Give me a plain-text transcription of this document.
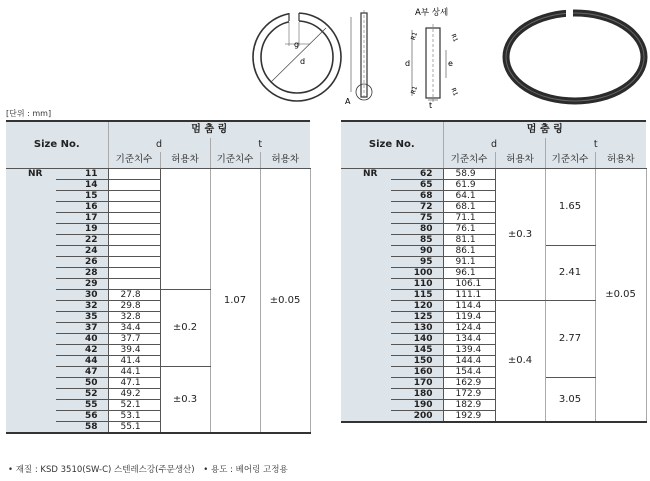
g
d
A
A부 상세
d	e
t
R1	R1
R1	R1
[단위 : mm]
Size No.		멈 춤 링			
		d		t	
		기준치수	허용차	기준치수	허용차
NR	11			1.07	±0.05
	14				
	15				
	16				
	17				
	19				
	22				
	24				
	26				
	28				
	29				
	30	27.8	±0.2		
	32	29.8			
	35	32.8			
	37	34.4			
	40	37.7			
	42	39.4			
	44	41.4			
	47	44.1	±0.3		
	50	47.1			
	52	49.2			
	55	52.1			
	56	53.1			
	58	55.1			
Size No.		멈 춤 링			
		d		t	
		기준치수	허용차	기준치수	허용차
NR	62	58.9	±0.3	1.65	±0.05
	65	61.9			
	68	64.1			
	72	68.1			
	75	71.1			
	80	76.1			
	85	81.1			
	90	86.1		2.41	
	95	91.1			
	100	96.1			
	110	106.1			
	115	111.1			
	120	114.4	±0.4	2.77	
	125	119.4			
	130	124.4			
	140	134.4			
	145	139.4			
	150	144.4			
	160	154.4			
	170	162.9		3.05	
	180	172.9			
	190	182.9			
	200	192.9			
• 재질 : KSD 3510(SW-C) 스텐레스강(주문생산) • 용도 : 베어링 고정용
